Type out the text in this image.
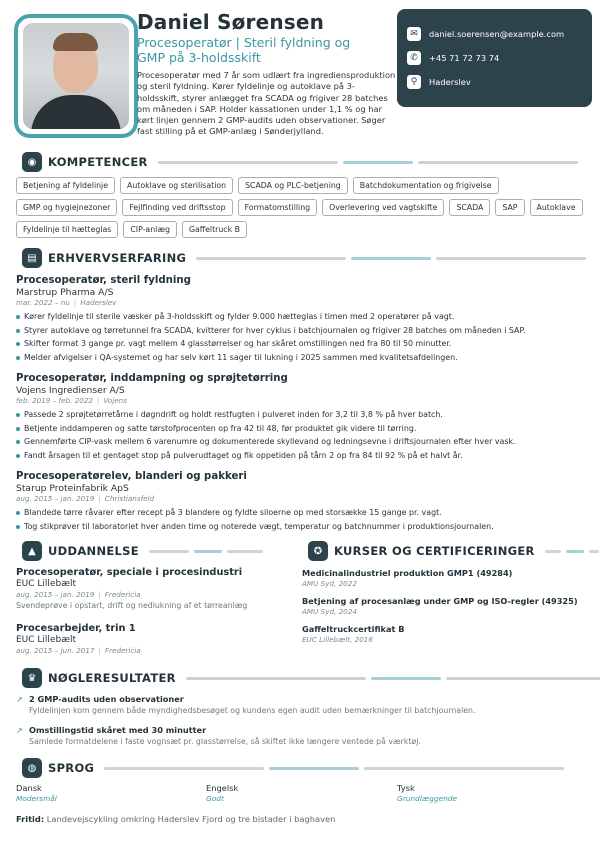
Daniel Sørensen
Procesoperatør | Steril fyldning og GMP på 3-holdsskift
Procesoperatør med 7 år som udlært fra ingrediensproduktion og steril fyldning. Kører fyldelinje og autoklave på 3-holdsskift, styrer anlægget fra SCADA og frigiver 28 batches om måneden i SAP. Holder kassationen under 1,1 % og har kørt linjen gennem 2 GMP-audits uden observationer. Søger fast stilling på et GMP-anlæg i Sønderjylland.
✉	daniel.soerensen@example.com
✆	+45 71 72 73 74
⚲	Haderslev
◉	KOMPETENCER
Betjening af fyldelinje	Autoklave og sterilisation	SCADA og PLC-betjening	Batchdokumentation og frigivelse
GMP og hygiejnezoner	Fejlfinding ved driftsstop	Formatomstilling	Overlevering ved vagtskifte	SCADA	SAP	Autoklave
Fyldelinje til hætteglas	CIP-anlæg	Gaffeltruck B
▤ ERHVERVSERFARING
Procesoperatør, steril fyldning
Marstrup Pharma A/S
mar. 2022 – nu | Haderslev
Kører fyldelinje til sterile væsker på 3-holdsskift og fylder 9.000 hætteglas i timen med 2 operatører på vagt.
Styrer autoklave og tørretunnel fra SCADA, kvitterer for hver cyklus i batchjournalen og frigiver 28 batches om måneden i SAP.
Skifter format 3 gange pr. vagt mellem 4 glasstørrelser og har skåret omstillingen ned fra 80 til 50 minutter.
Melder afvigelser i QA-systemet og har selv kørt 11 sager til lukning i 2025 sammen med kvalitetsafdelingen.
Procesoperatør, inddampning og sprøjtetørring
Vojens Ingredienser A/S
feb. 2019 – feb. 2022 | Vojens
Passede 2 sprøjtetørretårne i døgndrift og holdt restfugten i pulveret inden for 3,2 til 3,8 % på hver batch.
Betjente inddamperen og satte tørstofprocenten op fra 42 til 48, før produktet gik videre til tørring.
Gennemførte CIP-vask mellem 6 varenumre og dokumenterede skyllevand og ledningsevne i driftsjournalen efter hver vask.
Fandt årsagen til et gentaget stop på pulverudtaget og fik oppetiden på tårn 2 op fra 84 til 92 % på et halvt år.
Procesoperatørelev, blanderi og pakkeri
Starup Proteinfabrik ApS
aug. 2015 – jan. 2019 | Christiansfeld
Blandede tørre råvarer efter recept på 3 blandere og fyldte siloerne op med storsække 15 gange pr. vagt.
Tog stikprøver til laboratoriet hver anden time og noterede vægt, temperatur og batchnummer i produktionsjournalen.
▲	UDDANNELSE
Procesoperatør, speciale i procesindustri
EUC Lillebælt
aug. 2015 – jan. 2019 | Fredericia
Svendeprøve i opstart, drift og nedlukning af et tørreanlæg
Procesarbejder, trin 1
EUC Lillebælt
aug. 2015 – jun. 2017 | Fredericia
✪	KURSER OG CERTIFICERINGER
Medicinalindustriel produktion GMP1 (49284)
AMU Syd, 2022
Betjening af procesanlæg under GMP og ISO-regler (49325)
AMU Syd, 2024
Gaffeltruckcertifikat B
EUC Lillebælt, 2016
♛	NØGLERESULTATER
↗ 2 GMP-audits uden observationer
Fyldelinjen kom gennem både myndighedsbesøget og kundens egen audit uden bemærkninger til batchjournalen.
↗ Omstillingstid skåret med 30 minutter
Samlede formatdelene i faste vognsæt pr. glasstørrelse, så skiftet ikke længere ventede på værktøj.
◍	SPROG
Dansk
Modersmål
Engelsk
Godt
Tysk
Grundlæggende
Fritid: Landevejscykling omkring Haderslev Fjord og tre bistader i baghaven
